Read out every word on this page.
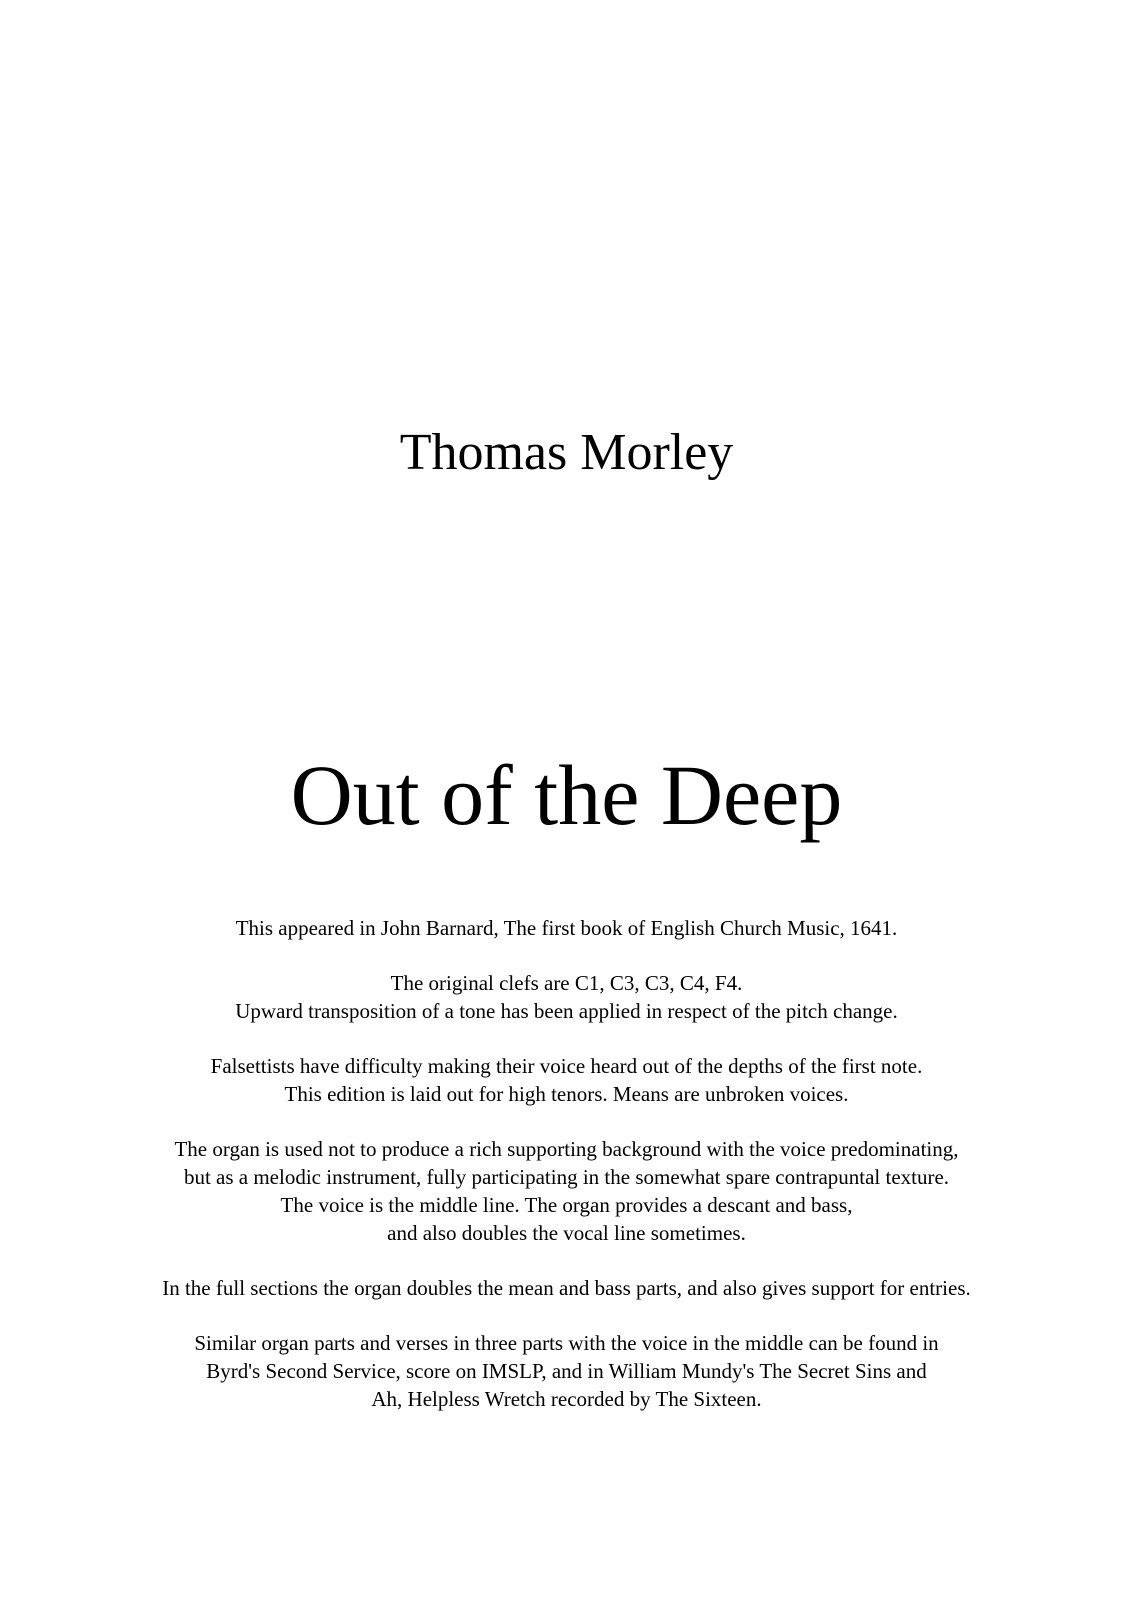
Thomas Morley
Out of the Deep

This appeared in John Barnard, The first book of English Church Music, 1641.

The original clefs are C1, C3, C3, C4, F4.
Upward transposition of a tone has been applied in respect of the pitch change.

Falsettists have difficulty making their voice heard out of the depths of the first note.
This edition is laid out for high tenors. Means are unbroken voices.

The organ is used not to produce a rich supporting background with the voice predominating,
but as a melodic instrument, fully participating in the somewhat spare contrapuntal texture.
The voice is the middle line. The organ provides a descant and bass,
and also doubles the vocal line sometimes.

In the full sections the organ doubles the mean and bass parts, and also gives support for entries.

Similar organ parts and verses in three parts with the voice in the middle can be found in
Byrd's Second Service, score on IMSLP, and in William Mundy's The Secret Sins and
Ah, Helpless Wretch recorded by The Sixteen.
